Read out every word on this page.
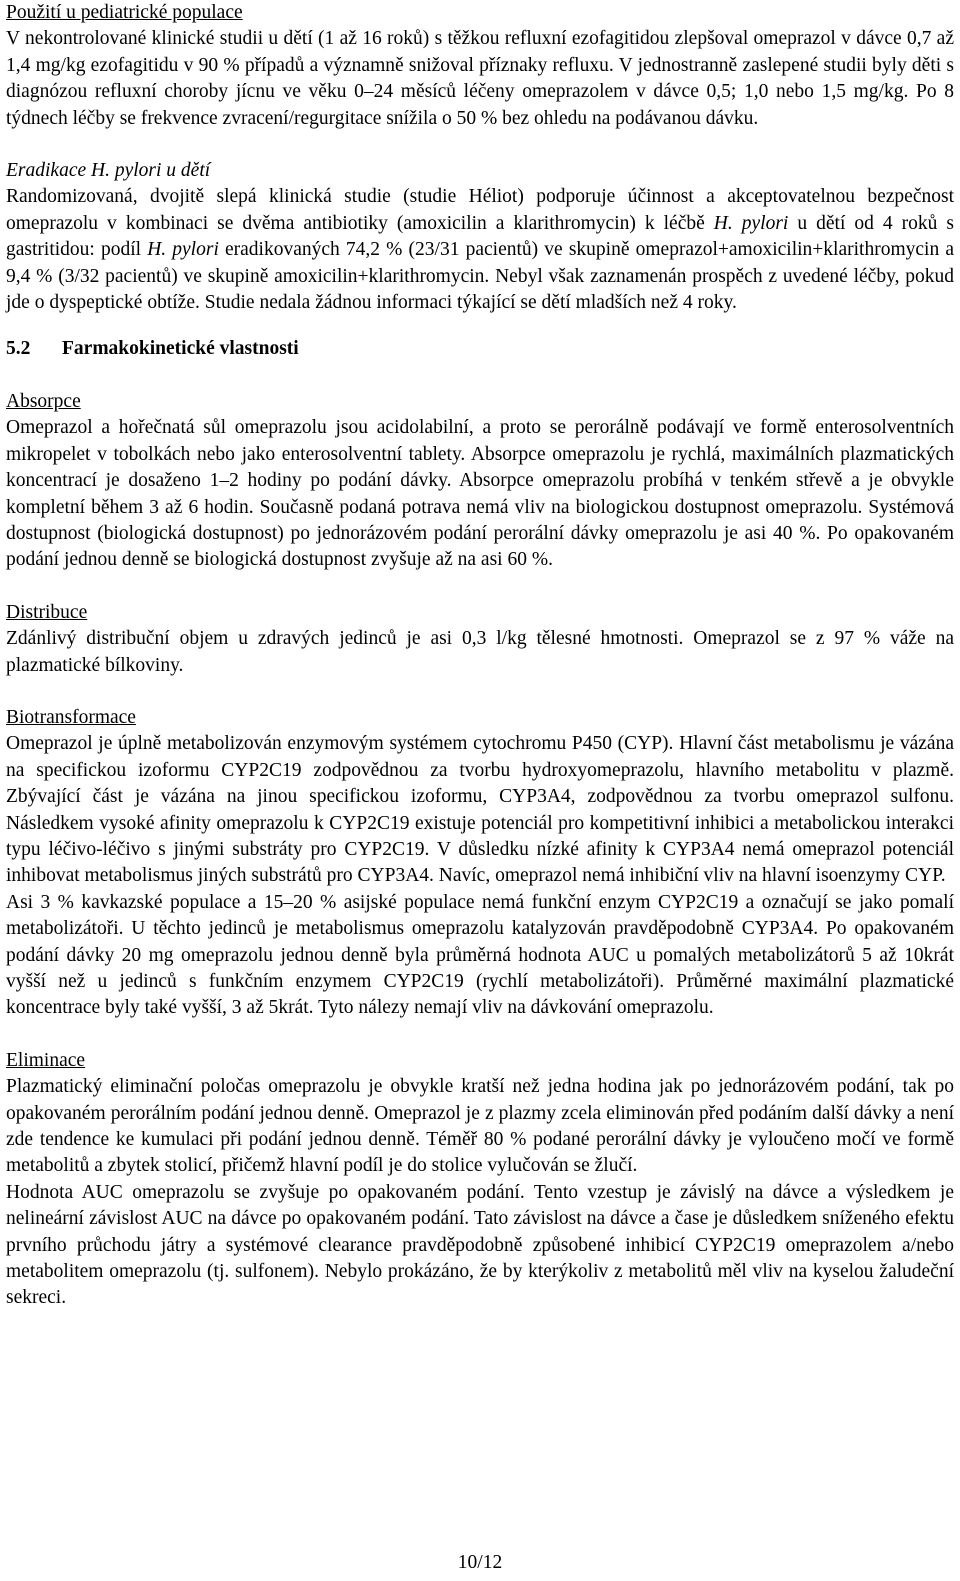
Použití u pediatrické populace

V nekontrolované klinické studii u dětí (1 až 16 roků) s těžkou refluxní ezofagitidou zlepšoval omeprazol v dávce 0,7 až 1,4 mg/kg ezofagitidu v 90 % případů a významně snižoval příznaky refluxu. V jednostranně zaslepené studii byly děti s diagnózou refluxní choroby jícnu ve věku 0–24 měsíců léčeny omeprazolem v dávce 0,5; 1,0 nebo 1,5 mg/kg. Po 8 týdnech léčby se frekvence zvracení/regurgitace snížila o 50 % bez ohledu na podávanou dávku.

Eradikace H. pylori u dětí

Randomizovaná, dvojitě slepá klinická studie (studie Héliot) podporuje účinnost a akceptovatelnou bezpečnost omeprazolu v kombinaci se dvěma antibiotiky (amoxicilin a klarithromycin) k léčbě H. pylori u dětí od 4 roků s gastritidou: podíl H. pylori eradikovaných 74,2 % (23/31 pacientů) ve skupině omeprazol+amoxicilin+klarithromycin a 9,4 % (3/32 pacientů) ve skupině amoxicilin+klarithromycin. Nebyl však zaznamenán prospěch z uvedené léčby, pokud jde o dyspeptické obtíže. Studie nedala žádnou informaci týkající se dětí mladších než 4 roky.

5.2 Farmakokinetické vlastnosti

Absorpce

Omeprazol a hořečnatá sůl omeprazolu jsou acidolabilní, a proto se perorálně podávají ve formě enterosolventních mikropelet v tobolkách nebo jako enterosolventní tablety. Absorpce omeprazolu je rychlá, maximálních plazmatických koncentrací je dosaženo 1–2 hodiny po podání dávky. Absorpce omeprazolu probíhá v tenkém střevě a je obvykle kompletní během 3 až 6 hodin. Současně podaná potrava nemá vliv na biologickou dostupnost omeprazolu. Systémová dostupnost (biologická dostupnost) po jednorázovém podání perorální dávky omeprazolu je asi 40 %. Po opakovaném podání jednou denně se biologická dostupnost zvyšuje až na asi 60 %.

Distribuce

Zdánlivý distribuční objem u zdravých jedinců je asi 0,3 l/kg tělesné hmotnosti. Omeprazol se z 97 % váže na plazmatické bílkoviny.

Biotransformace

Omeprazol je úplně metabolizován enzymovým systémem cytochromu P450 (CYP). Hlavní část metabolismu je vázána na specifickou izoformu CYP2C19 zodpovědnou za tvorbu hydroxyomeprazolu, hlavního metabolitu v plazmě. Zbývající část je vázána na jinou specifickou izoformu, CYP3A4, zodpovědnou za tvorbu omeprazol sulfonu. Následkem vysoké afinity omeprazolu k CYP2C19 existuje potenciál pro kompetitivní inhibici a metabolickou interakci typu léčivo-léčivo s jinými substráty pro CYP2C19. V důsledku nízké afinity k CYP3A4 nemá omeprazol potenciál inhibovat metabolismus jiných substrátů pro CYP3A4. Navíc, omeprazol nemá inhibiční vliv na hlavní isoenzymy CYP.

Asi 3 % kavkazské populace a 15–20 % asijské populace nemá funkční enzym CYP2C19 a označují se jako pomalí metabolizátoři. U těchto jedinců je metabolismus omeprazolu katalyzován pravděpodobně CYP3A4. Po opakovaném podání dávky 20 mg omeprazolu jednou denně byla průměrná hodnota AUC u pomalých metabolizátorů 5 až 10krát vyšší než u jedinců s funkčním enzymem CYP2C19 (rychlí metabolizátoři). Průměrné maximální plazmatické koncentrace byly také vyšší, 3 až 5krát. Tyto nálezy nemají vliv na dávkování omeprazolu.

Eliminace

Plazmatický eliminační poločas omeprazolu je obvykle kratší než jedna hodina jak po jednorázovém podání, tak po opakovaném perorálním podání jednou denně. Omeprazol je z plazmy zcela eliminován před podáním další dávky a není zde tendence ke kumulaci při podání jednou denně. Téměř 80 % podané perorální dávky je vyloučeno močí ve formě metabolitů a zbytek stolicí, přičemž hlavní podíl je do stolice vylučován se žlučí.

Hodnota AUC omeprazolu se zvyšuje po opakovaném podání. Tento vzestup je závislý na dávce a výsledkem je nelineární závislost AUC na dávce po opakovaném podání. Tato závislost na dávce a čase je důsledkem sníženého efektu prvního průchodu játry a systémové clearance pravděpodobně způsobené inhibicí CYP2C19 omeprazolem a/nebo metabolitem omeprazolu (tj. sulfonem). Nebylo prokázáno, že by kterýkoliv z metabolitů měl vliv na kyselou žaludeční sekreci.

10/12
